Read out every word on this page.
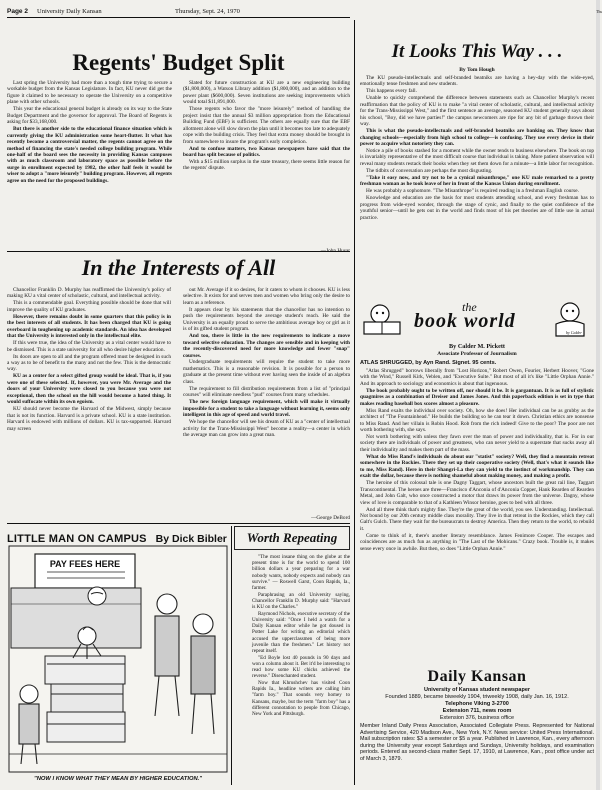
Page 2 University Daily Kansan	Thursday, Sept. 24, 1970
Regents' Budget Split

Last spring the University had more than a tough time trying to secure a workable budget from the Kansas Legislature. In fact, KU never did get the figure it claimed to be necessary to operate the University on a competitive plane with other schools.

This year the educational general budget is already on its way to the State Budget Department and the governor for approval. The Board of Regents is asking for $33,168,000.

But there is another side to the educational finance situation which is currently giving the KU administration some heart-flutter. It what has recently become a controversial matter, the regents cannot agree on the method of financing the state's needed college building program. While one-half of the board sees the necessity in providing Kansas campuses with as much classroom and laboratory space as possible before the surge in enrollment expected by 1982, the other half feels it would be wiser to adopt a "more leisurely" building program. However, all regents agree on the need for the proposed buildings.

Slated for future construction at KU are a new engineering building ($1,800,000), a Watson Library addition ($1,800,000), and an addition to the power plant ($600,000). Seven institutions are seeking improvements which would total $11,891,000.

Those regents who favor the "more leisurely" method of handling the project insist that the annual $3 million appropriation from the Educational Building Fund (EBF) is sufficient. The others are equally sure that the EBF allotment alone will slow down the plan until it becomes too late to adequately cope with the building crisis. They feel that extra money should be brought in from somewhere to insure the program's early completion.

And to confuse matters, two Kansas newspapers have said that the board has split because of politics.

With a $15 million surplus in the state treasury, there seems little reason for the regents' dispute.

It Looks This Way . . .
By Tom Hough

The KU pseudo-intellectuals and self-branded beatniks are having a hey-day with the wide-eyed, emotionally tense freshmen and new students.

This happens every fall.

Unable to quickly comprehend the difference between statements such as Chancellor Murphy's recent reaffirmation that the policy of KU is to make "a vital center of scholastic, cultural, and intellectual activity for the Trans-Mississippi West," and the first sentence an average, seasoned KU student generally says about his school, "Boy, did we have parties!" the campus newcomers are ripe for any bit of garbage thrown their way.

This is what the pseudo-intellectuals and self-branded beatniks are banking on. They know that changing schools—especially from high school to college—is confusing. They use every device in their power to acquire what notoriety they can.

Notice a pile of books stashed for a moment while the owner tends to business elsewhere. The book on top is invariably representative of the most difficult course that individual is taking. More patient observation will reveal many students restack their books when they set them down for a minute—a little labor for recognition.

The tidbits of conversation are perhaps the most disgusting.

"Take it easy now, and try not to be a cynical misanthrope," one KU male remarked to a pretty freshman woman as he took leave of her in front of the Kansas Union during enrollment.

He was probably a sophomore. "The Misanthrope" is required reading in a freshman English course.

Knowledge and education are the basis for most students attending school, and every freshman has to progress from wide-eyed wonder, through the stage of cynic, and finally to the quiet confidence of the youthful senior—until he gets out in the world and finds most of his pet theories are of little use in actual practice.

In the Interests of All

Chancellor Franklin D. Murphy has reaffirmed the University's policy of making KU a vital center of scholastic, cultural, and intellectual activity.

This is a commendable goal. Everything possible should be done that will improve the quality of KU graduates.

However, there remains doubt in some quarters that this policy is in the best interests of all students. It has been charged that KU is going overboard in toughening up academic standards. An idea has developed that the University is interested only in the intellectual elite.

If this were true, the idea of the University as a vital center would have to be dismissed. This is a state university for all who desire higher education.

Its doors are open to all and the program offered must be designed in such a way as to be of benefit to the many and not the few. This is the democratic way.

KU as a center for a select gifted group would be ideal. That is, if you were one of these selected. If, however, you were Mr. Average and the doors of your University were closed to you because you were not exceptional, then the school on the hill would become a hated thing. It would suffocate within its own egoism.

KU should never become the Harvard of the Midwest, simply because that is not its function. Harvard is a private school. KU is a state institution. Harvard is endowed with millions of dollars. KU is tax-supported. Harvard may screen

out Mr. Average if it so desires, for it caters to whom it chooses. KU is less selective. It exists for and serves men and women who bring only the desire to learn as a reference.

It appears clear by his statements that the chancellor has no intention to push the requirements beyond the average student's reach. He said the University is an equally proud to serve the ambitious average boy or girl as it is of its gifted student program.

And too, there is little in the new requirements to indicate a move toward selective education. The changes are sensible and in keeping with the recently-discovered need for more knowledge and fewer "snap" courses.

Undergraduate requirements will require the student to take more mathematics. This is a reasonable revision. It is possible for a person to graduate at the present time without ever having seen the inside of an algebra class.

The requirement to fill distribution requirements from a list of "principal courses" will eliminate needless "pud" courses from many schedules.

The new foreign language requirement, which will make it virtually impossible for a student to take a language without learning it, seems only intelligent in this age of speed and world travel.

We hope the chancellor will see his dream of KU as a "center of intellectual activity for the Trans-Mississippi West" become a reality—a center in which the average man can grow into a great man.

—George DeBord
LITTLE MAN ON CAMPUS By Dick Bibler
PAY FEES HERE
"NOW I KNOW WHAT THEY MEAN BY HIGHER EDUCATION."
Worth Repeating

"The most insane thing on the globe at the present time is for the world to spend 100 billion dollars a year preparing for a war nobody wants, nobody expects and nobody can survive." — Roswell Garst, Coon Rapids, Ia., farmer.

Paraphrasing an old University saying, Chancellor Franklin D. Murphy said: "Harvard is KU on the Charles."

Raymond Nichols, executive secretary of the University said: "Once I held a watch for a Daily Kansan editor while he got doused in Potter Lake for writing an editorial which accused the upperclassmen of being more juvenile than the freshmen." Let history not repeat itself.

"Ed Boyle lost 40 pounds in 90 days and won a column about it. Bet it'd be interesting to read how some KU chicks achieved the reverse." Disenchanted student.

Now that Khrushchev has visited Coon Rapids Ia., headline writers are calling him "farm boy." That sounds very homey to Kansans, maybe, but the term "farm boy" has a different connotation to people from Chicago, New York and Pittsburgh.

the
book world
by Calder
By Calder M. Pickett
Associate Professor of Journalism
ATLAS SHRUGGED, by Ayn Rand. Signet. 95 cents.

"Atlas Shrugged" borrows liberally from "Lost Horizon," Robert Owen, Fourier, Herbert Hoover, "Gone with the Wind," Russell Kirk, Veblen, and "Executive Suite." But most of all it's like "Little Orphan Annie." And its approach to sociology and economics is about that ingenuous.

The book probably ought to be written off, nor should it be. It is gargantuan. It is as full of stylistic quagmires as a combination of Dreiser and James Jones. And this paperback edition is set in type that makes reading baseball box scores almost a pleasure.

Miss Rand exalts the individual over society. Oh, how she does! Her individual can be as grubby as the architect of "The Fountainhead." He builds the building so he can tear it down. Christian ethics are nonsense to Miss Rand. And her villain is Robin Hood. Rob from the rich indeed! Give to the poor? The poor are not worth bothering with, she says.

Not worth bothering with unless they fawn over the man of power and individuality, that is. For in our society there are individuals of power and greatness, who can never yield to a superstate that sucks away all their individuality and makes them part of the mass.

What do Miss Rand's individuals do about our "statist" society? Well, they find a mountain retreat somewhere in the Rockies. There they set up their cooperative society (Well, that's what it sounds like to me, Miss Rand). Here in their Shangri-La they can yield to the instinct of workmanship. They can exalt the dollar, because there is nothing shameful about making money, and making a profit.

The heroine of this colossal tale is one Dagny Taggart, whose ancestors built the great rail line, Taggart Transcontinental. The heroes are three—Francisco d'Anconia of d'Anconia Copper, Hank Rearden of Rearden Metal, and John Galt, who once constructed a motor that draws its power from the universe. Dagny, whose view of love is comparable to that of a Kathleen Winsor heroine, goes to bed with all three.

And all three think that's mighty fine. They're the great of the world, you see. Understanding. Intellectual. Not bound by our 20th century middle class morality. They live in that retreat in the Rockies, which they call Galt's Gulch. There they wait for the bureaucrats to destroy America. Then they return to the world, to rebuild it.

Come to think of it, there's another literary resemblance. James Fenimore Cooper. The escapes and coincidences are as much fun as anything in "The Last of the Mohicans." Crazy book. Trouble is, it makes sense every once in awhile. But then, so does "Little Orphan Annie."

Daily Kansan
University of Kansas student newspaper
Founded 1889, became biweekly 1904, triweekly 1908, daily Jan. 16, 1912.
Telephone Viking 3-2700
Extension 711, news room
Extension 376, business office
Member Inland Daily Press Association, Associated Collegiate Press. Represented for National Advertising Service, 420 Madison Ave., New York, N.Y. News service: United Press International. Mail subscription rates: $3 a semester or $5 a year. Published in Lawrence, Kan., every afternoon during the University year except Saturdays and Sundays, University holidays, and examination periods. Entered as second-class matter Sept. 17, 1910, at Lawrence, Kan., post office under act of March 3, 1879.
Thu
